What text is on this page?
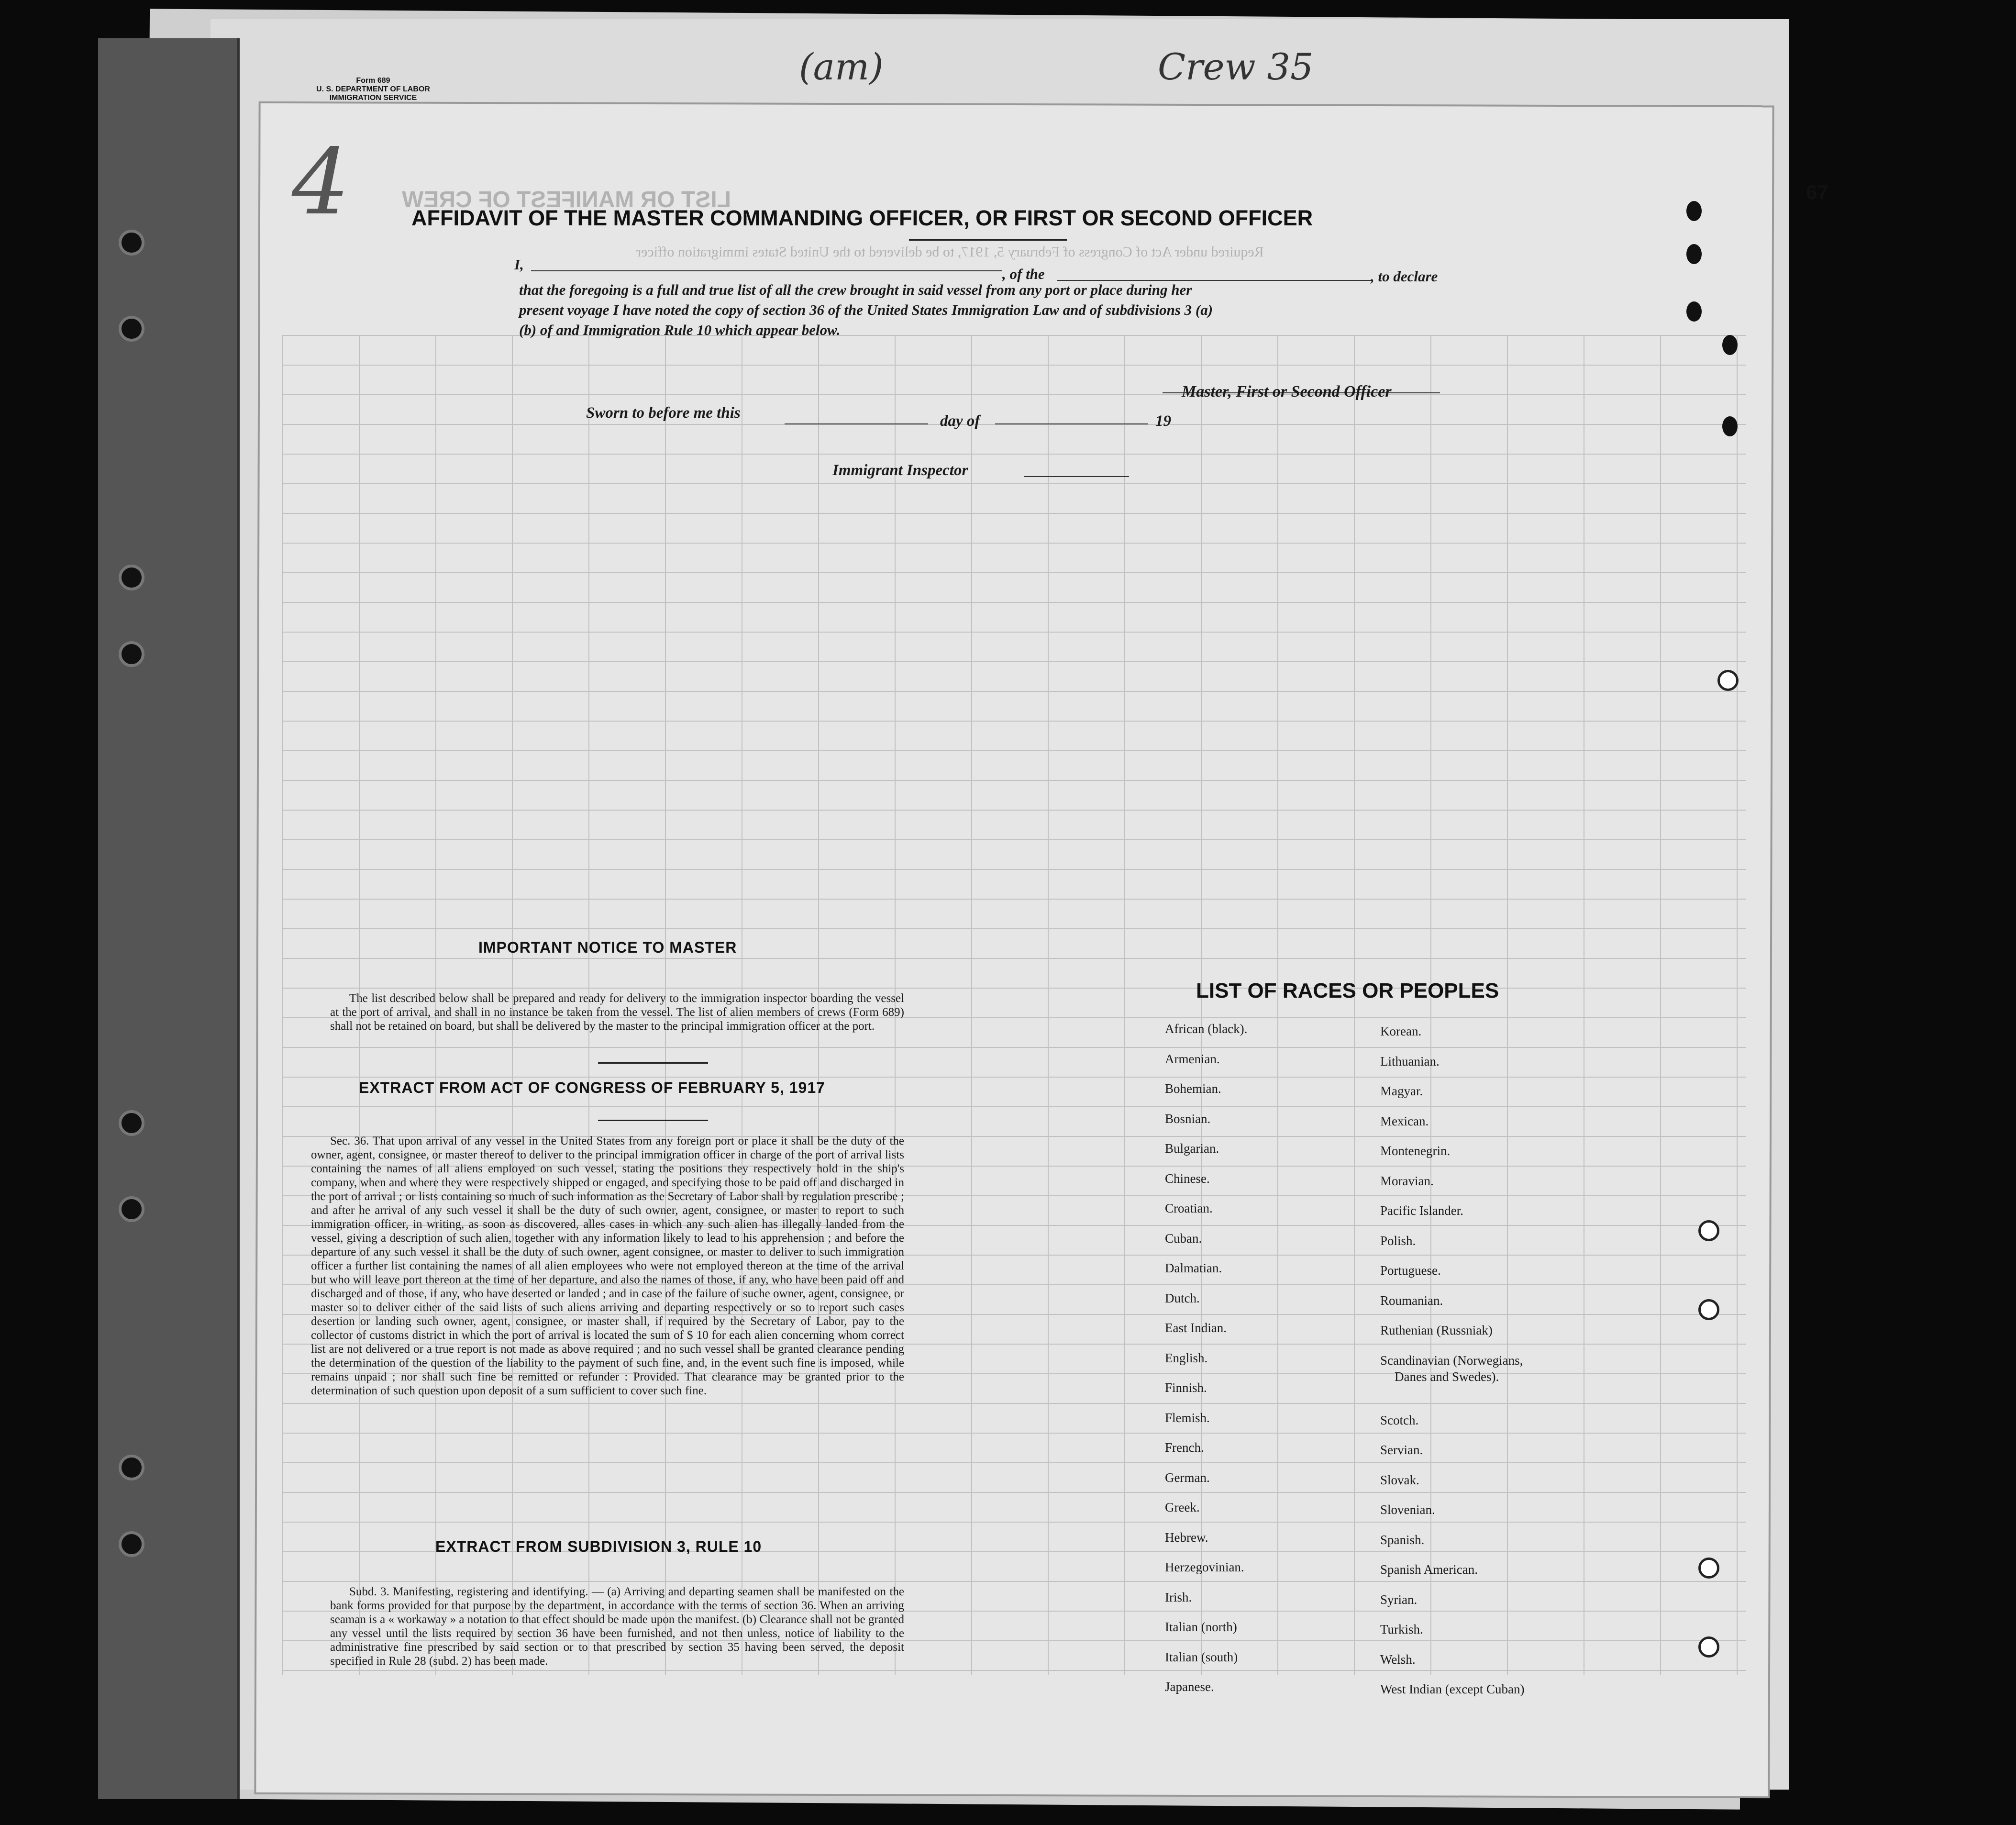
Form 689
U. S. DEPARTMENT OF LABOR
IMMIGRATION SERVICE
(am)	Crew 35
LIST OR MANIFEST OF CREW
Required under Act of Congress of February 5, 1917, to be delivered to the United States immigration officer
67
4	AFFIDAVIT OF THE MASTER COMMANDING OFFICER, OR FIRST OR SECOND OFFICER
I,
, of the	, to declare
that the foregoing is a full and true list of all the crew brought in said vessel from any port or place during her
present voyage I have noted the copy of section 36 of the United States Immigration Law and of subdivisions 3 (a)
(b) of and Immigration Rule 10 which appear below.
Master, First or Second Officer
Sworn to before me this	day of	19
Immigrant Inspector
IMPORTANT NOTICE TO MASTER
The list described below shall be prepared and ready for delivery to the immigration inspector boarding the vessel at the port of arrival, and shall in no instance be taken from the vessel. The list of alien members of crews (Form 689) shall not be retained on board, but shall be delivered by the master to the principal immigration officer at the port.
EXTRACT FROM ACT OF CONGRESS OF FEBRUARY 5, 1917
Sec. 36. That upon arrival of any vessel in the United States from any foreign port or place it shall be the duty of the owner, agent, consignee, or master thereof to deliver to the principal immigration officer in charge of the port of arrival lists containing the names of all aliens employed on such vessel, stating the positions they respectively hold in the ship's company, when and where they were respectively shipped or engaged, and specifying those to be paid off and discharged in the port of arrival ; or lists containing so much of such information as the Secretary of Labor shall by regulation prescribe ; and after he arrival of any such vessel it shall be the duty of such owner, agent, consignee, or master to report to such immigration officer, in writing, as soon as discovered, alles cases in which any such alien has illegally landed from the vessel, giving a description of such alien, together with any information likely to lead to his apprehension ; and before the departure of any such vessel it shall be the duty of such owner, agent consignee, or master to deliver to such immigration officer a further list containing the names of all alien employees who were not employed thereon at the time of the arrival but who will leave port thereon at the time of her departure, and also the names of those, if any, who have been paid off and discharged and of those, if any, who have deserted or landed ; and in case of the failure of suche owner, agent, consignee, or master so to deliver either of the said lists of such aliens arriving and departing respectively or so to report such cases desertion or landing such owner, agent, consignee, or master shall, if required by the Secretary of Labor, pay to the collector of customs district in which the port of arrival is located the sum of $ 10 for each alien concerning whom correct list are not delivered or a true report is not made as above required ; and no such vessel shall be granted clearance pending the determination of the question of the liability to the payment of such fine, and, in the event such fine is imposed, while remains unpaid ; nor shall such fine be remitted or refunder : Provided. That clearance may be granted prior to the determination of such question upon deposit of a sum sufficient to cover such fine.
EXTRACT FROM SUBDIVISION 3, RULE 10
Subd. 3. Manifesting, registering and identifying. — (a) Arriving and departing seamen shall be manifested on the bank forms provided for that purpose by the department, in accordance with the terms of section 36. When an arriving seaman is a « workaway » a notation to that effect should be made upon the manifest. (b) Clearance shall not be granted any vessel until the lists required by section 36 have been furnished, and not then unless, notice of liability to the administrative fine prescribed by said section or to that prescribed by section 35 having been served, the deposit specified in Rule 28 (subd. 2) has been made.
LIST OF RACES OR PEOPLES
African (black).
Armenian.
Bohemian.
Bosnian.
Bulgarian.
Chinese.
Croatian.
Cuban.
Dalmatian.
Dutch.
East Indian.
English.
Finnish.
Flemish.
French.
German.
Greek.
Hebrew.
Herzegovinian.
Irish.
Italian (north)
Italian (south)
Japanese.
Korean.
Lithuanian.
Magyar.
Mexican.
Montenegrin.
Moravian.
Pacific Islander.
Polish.
Portuguese.
Roumanian.
Ruthenian (Russniak)
Scandinavian (Norwegians,
Danes and Swedes).
Scotch.
Servian.
Slovak.
Slovenian.
Spanish.
Spanish American.
Syrian.
Turkish.
Welsh.
West Indian (except Cuban)
